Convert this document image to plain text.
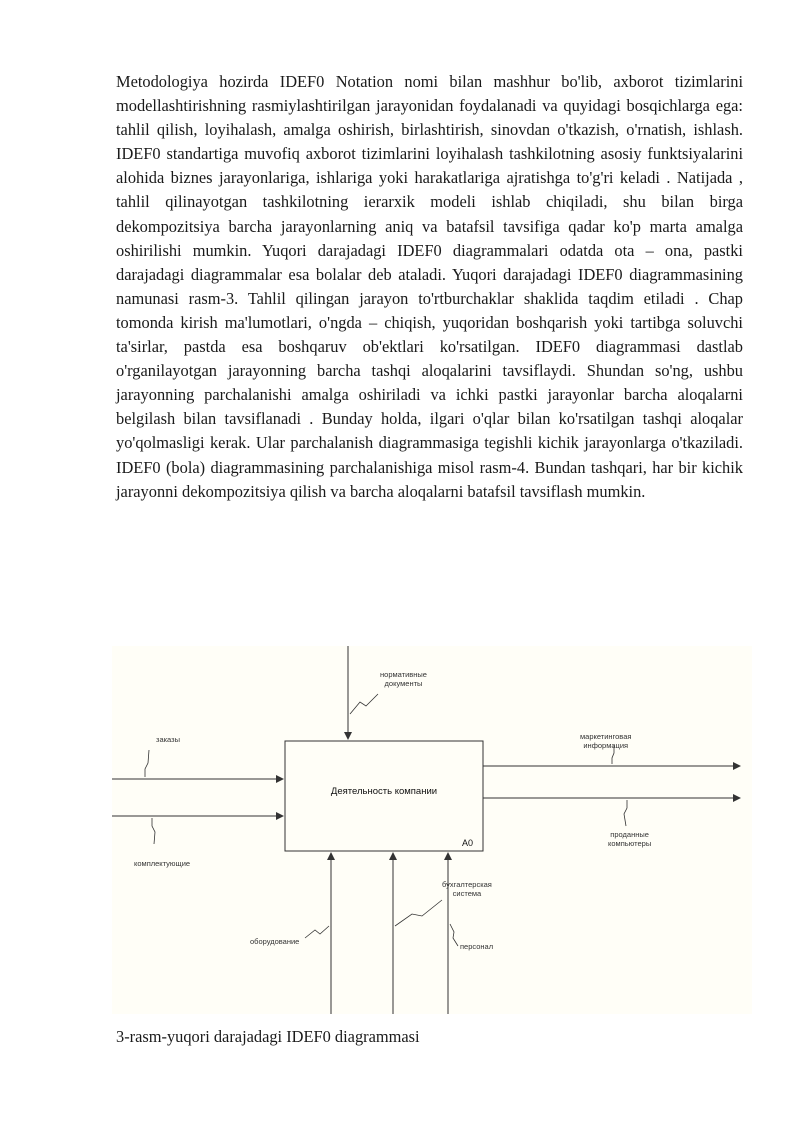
Metodologiya hozirda IDEF0 Notation nomi bilan mashhur bo'lib, axborot tizimlarini modellashtirishning rasmiylashtirilgan jarayonidan foydalanadi va quyidagi bosqichlarga ega: tahlil qilish, loyihalash, amalga oshirish, birlashtirish, sinovdan o'tkazish, o'rnatish, ishlash. IDEF0 standartiga muvofiq axborot tizimlarini loyihalash tashkilotning asosiy funktsiyalarini alohida biznes jarayonlariga, ishlariga yoki harakatlariga ajratishga to'g'ri keladi . Natijada , tahlil qilinayotgan tashkilotning ierarxik modeli ishlab chiqiladi, shu bilan birga dekompozitsiya barcha jarayonlarning aniq va batafsil tavsifiga qadar ko'p marta amalga oshirilishi mumkin. Yuqori darajadagi IDEF0 diagrammalari odatda ota – ona, pastki darajadagi diagrammalar esa bolalar deb ataladi. Yuqori darajadagi IDEF0 diagrammasining namunasi rasm-3. Tahlil qilingan jarayon to'rtburchaklar shaklida taqdim etiladi . Chap tomonda kirish ma'lumotlari, o'ngda – chiqish, yuqoridan boshqarish yoki tartibga soluvchi ta'sirlar, pastda esa boshqaruv ob'ektlari ko'rsatilgan. IDEF0 diagrammasi dastlab o'rganilayotgan jarayonning barcha tashqi aloqalarini tavsiflaydi. Shundan so'ng, ushbu jarayonning parchalanishi amalga oshiriladi va ichki pastki jarayonlar barcha aloqalarni belgilash bilan tavsiflanadi . Bunday holda, ilgari o'qlar bilan ko'rsatilgan tashqi aloqalar yo'qolmasligi kerak. Ular parchalanish diagrammasiga tegishli kichik jarayonlarga o'tkaziladi. IDEF0 (bola) diagrammasining parchalanishiga misol rasm-4. Bundan tashqari, har bir kichik jarayonni dekompozitsiya qilish va barcha aloqalarni batafsil tavsiflash mumkin.

Деятельность компании
A0
нормативные
документы
заказы
комплектующие
маркетинговая
информация
проданные
компьютеры
оборудование
бухгалтерская
система
персонал

3-rasm-yuqori darajadagi IDEF0 diagrammasi
